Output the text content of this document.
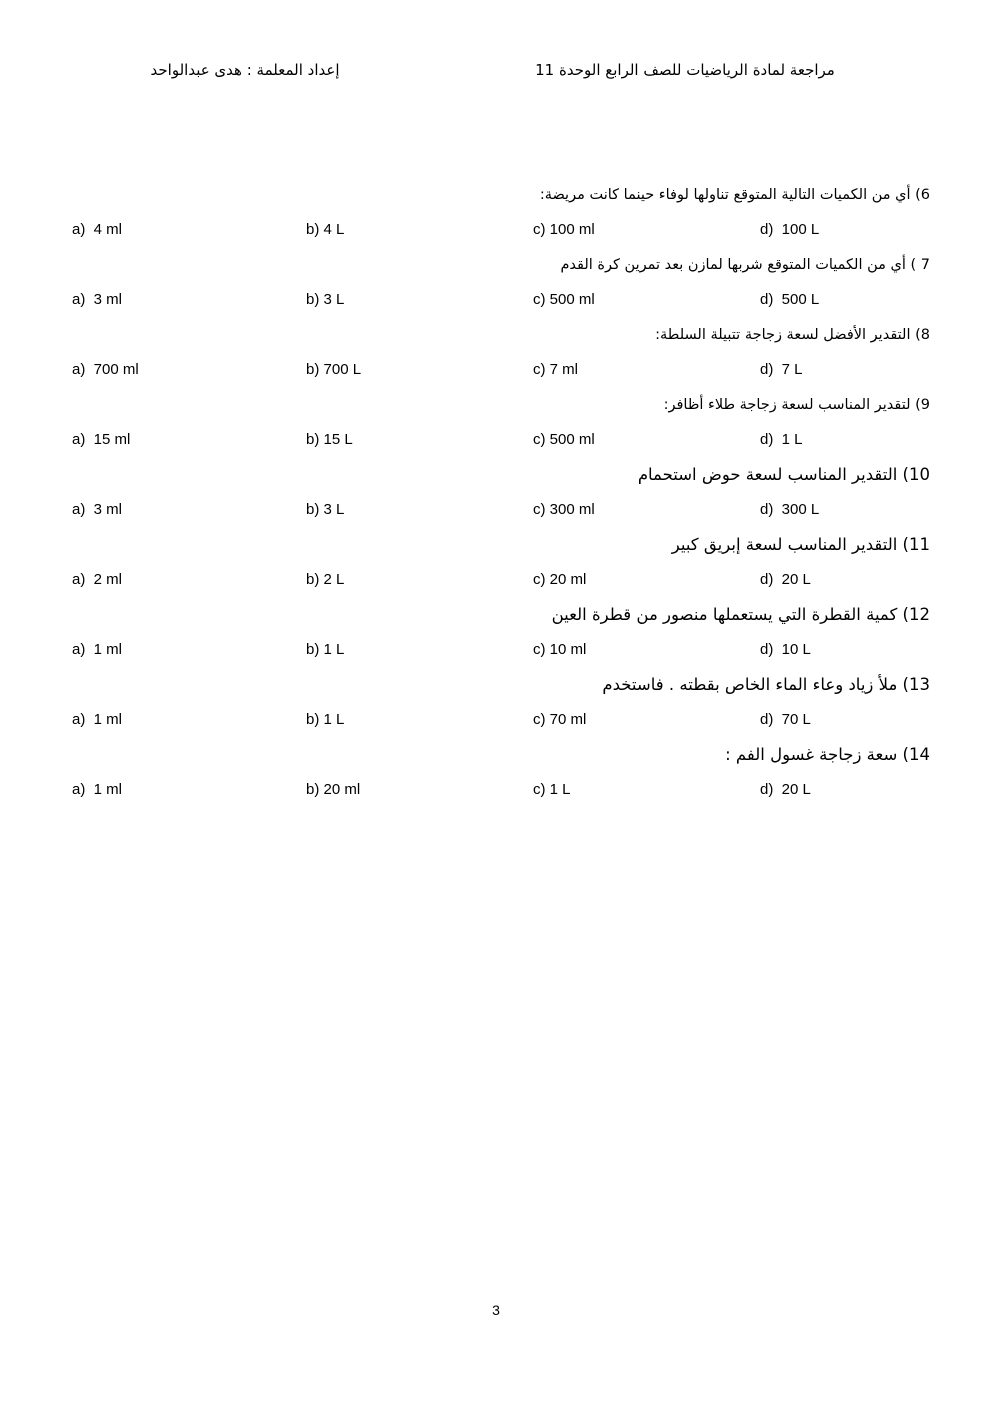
إعداد المعلمة : هدى عبدالواحد	مراجعة لمادة الرياضيات للصف الرابع الوحدة 11
6) أي من الكميات التالية المتوقع تناولها لوفاء حينما كانت مريضة:
a)  4 ml	b) 4 L	c) 100 ml	d)  100 L
7 ) أي من الكميات المتوقع شربها لمازن بعد تمرين كرة القدم
a)  3 ml	b) 3 L	c) 500 ml	d)  500 L
8) التقدير الأفضل لسعة زجاجة تتبيلة السلطة:
a)  700 ml	b) 700 L	c) 7 ml	d)  7 L
9) لتقدير المناسب لسعة زجاجة طلاء أظافر:
a)  15 ml	b) 15 L	c) 500 ml	d)  1 L
10) التقدير المناسب لسعة حوض استحمام
a)  3 ml	b) 3 L	c) 300 ml	d)  300 L
11) التقدير المناسب لسعة إبريق كبير
a)  2 ml	b) 2 L	c) 20 ml	d)  20 L
12) كمية القطرة التي يستعملها منصور من قطرة العين
a)  1 ml	b) 1 L	c) 10 ml	d)  10 L
13) ملأ زياد وعاء الماء الخاص بقطته . فاستخدم
a)  1 ml	b) 1 L	c) 70 ml	d)  70 L
14) سعة زجاجة غسول الفم :
a)  1 ml	b) 20 ml	c) 1 L	d)  20 L
3
